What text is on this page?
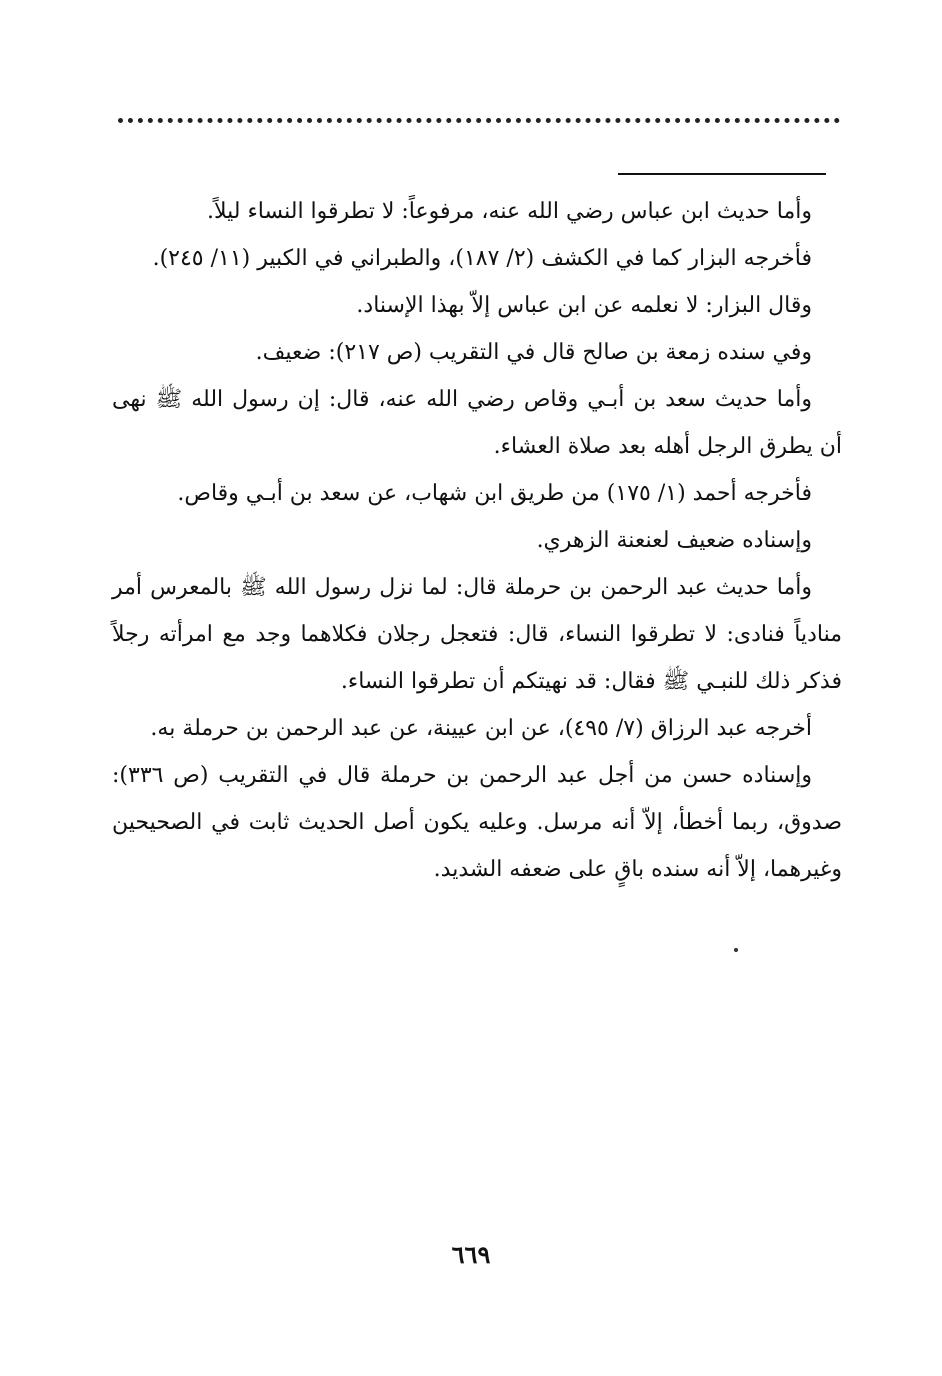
وأما حديث ابن عباس رضي الله عنه، مرفوعاً: لا تطرقوا النساء ليلاً.

فأخرجه البزار كما في الكشف (٢/ ١٨٧)، والطبراني في الكبير (١١/ ٢٤٥).

وقال البزار: لا نعلمه عن ابن عباس إلاّ بهذا الإسناد.

وفي سنده زمعة بن صالح قال في التقريب (ص ٢١٧): ضعيف.

وأما حديث سعد بن أبـي وقاص رضي الله عنه، قال: إن رسول الله ﷺ نهى أن يطرق الرجل أهله بعد صلاة العشاء.

فأخرجه أحمد (١/ ١٧٥) من طريق ابن شهاب، عن سعد بن أبـي وقاص.

وإسناده ضعيف لعنعنة الزهري.

وأما حديث عبد الرحمن بن حرملة قال: لما نزل رسول الله ﷺ بالمعرس أمر منادياً فنادى: لا تطرقوا النساء، قال: فتعجل رجلان فكلاهما وجد مع امرأته رجلاً فذكر ذلك للنبـي ﷺ فقال: قد نهيتكم أن تطرقوا النساء.

أخرجه عبد الرزاق (٧/ ٤٩٥)، عن ابن عيينة، عن عبد الرحمن بن حرملة به.

وإسناده حسن من أجل عبد الرحمن بن حرملة قال في التقريب (ص ٣٣٦): صدوق، ربما أخطأ، إلاّ أنه مرسل. وعليه يكون أصل الحديث ثابت في الصحيحين وغيرهما، إلاّ أنه سنده باقٍ على ضعفه الشديد.

٦٦٩
